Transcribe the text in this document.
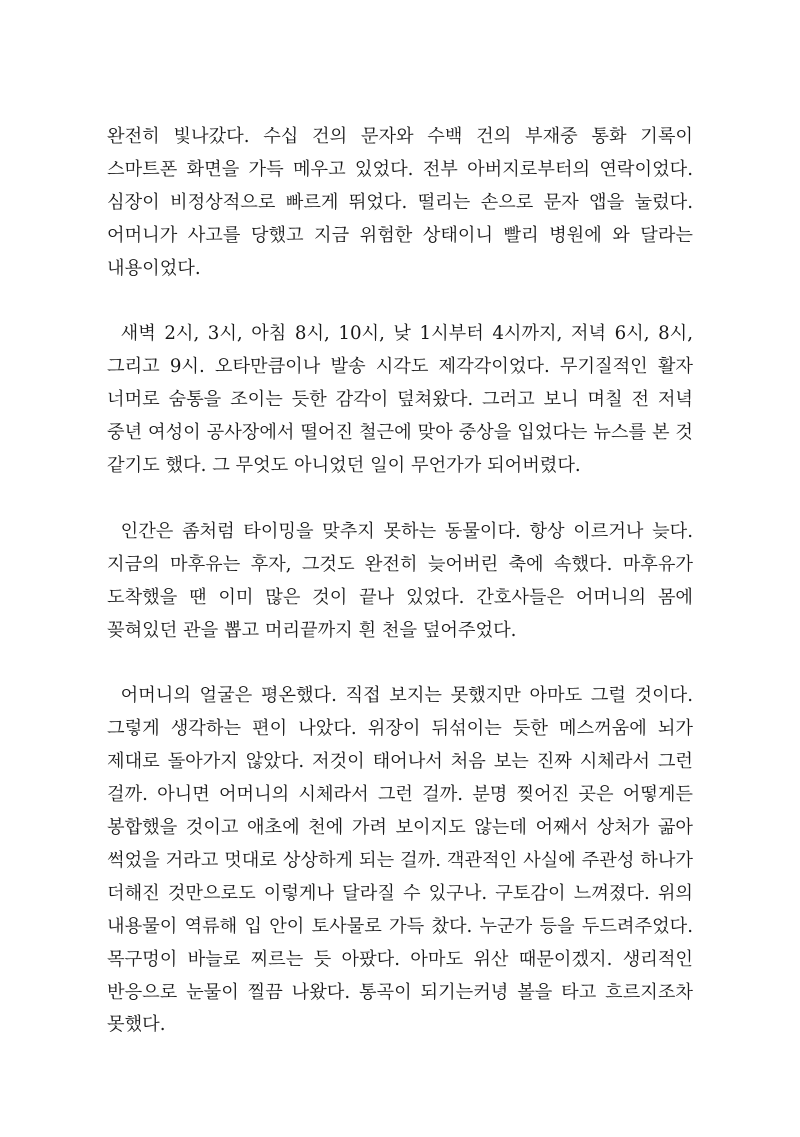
완전히 빛나갔다. 수십 건의 문자와 수백 건의 부재중 통화 기록이 스마트폰 화면을 가득 메우고 있었다. 전부 아버지로부터의 연락이었다. 심장이 비정상적으로 빠르게 뛰었다. 떨리는 손으로 문자 앱을 눌렀다. 어머니가 사고를 당했고 지금 위험한 상태이니 빨리 병원에 와 달라는 내용이었다.

새벽 2시, 3시, 아침 8시, 10시, 낮 1시부터 4시까지, 저녁 6시, 8시, 그리고 9시. 오타만큼이나 발송 시각도 제각각이었다. 무기질적인 활자 너머로 숨통을 조이는 듯한 감각이 덮쳐왔다. 그러고 보니 며칠 전 저녁 중년 여성이 공사장에서 떨어진 철근에 맞아 중상을 입었다는 뉴스를 본 것 같기도 했다. 그 무엇도 아니었던 일이 무언가가 되어버렸다.

인간은 좀처럼 타이밍을 맞추지 못하는 동물이다. 항상 이르거나 늦다. 지금의 마후유는 후자, 그것도 완전히 늦어버린 축에 속했다. 마후유가 도착했을 땐 이미 많은 것이 끝나 있었다. 간호사들은 어머니의 몸에 꽂혀있던 관을 뽑고 머리끝까지 흰 천을 덮어주었다.

어머니의 얼굴은 평온했다. 직접 보지는 못했지만 아마도 그럴 것이다. 그렇게 생각하는 편이 나았다. 위장이 뒤섞이는 듯한 메스꺼움에 뇌가 제대로 돌아가지 않았다. 저것이 태어나서 처음 보는 진짜 시체라서 그런 걸까. 아니면 어머니의 시체라서 그런 걸까. 분명 찢어진 곳은 어떻게든 봉합했을 것이고 애초에 천에 가려 보이지도 않는데 어째서 상처가 곪아 썩었을 거라고 멋대로 상상하게 되는 걸까. 객관적인 사실에 주관성 하나가 더해진 것만으로도 이렇게나 달라질 수 있구나. 구토감이 느껴졌다. 위의 내용물이 역류해 입 안이 토사물로 가득 찼다. 누군가 등을 두드려주었다. 목구멍이 바늘로 찌르는 듯 아팠다. 아마도 위산 때문이겠지. 생리적인 반응으로 눈물이 찔끔 나왔다. 통곡이 되기는커녕 볼을 타고 흐르지조차 못했다.
